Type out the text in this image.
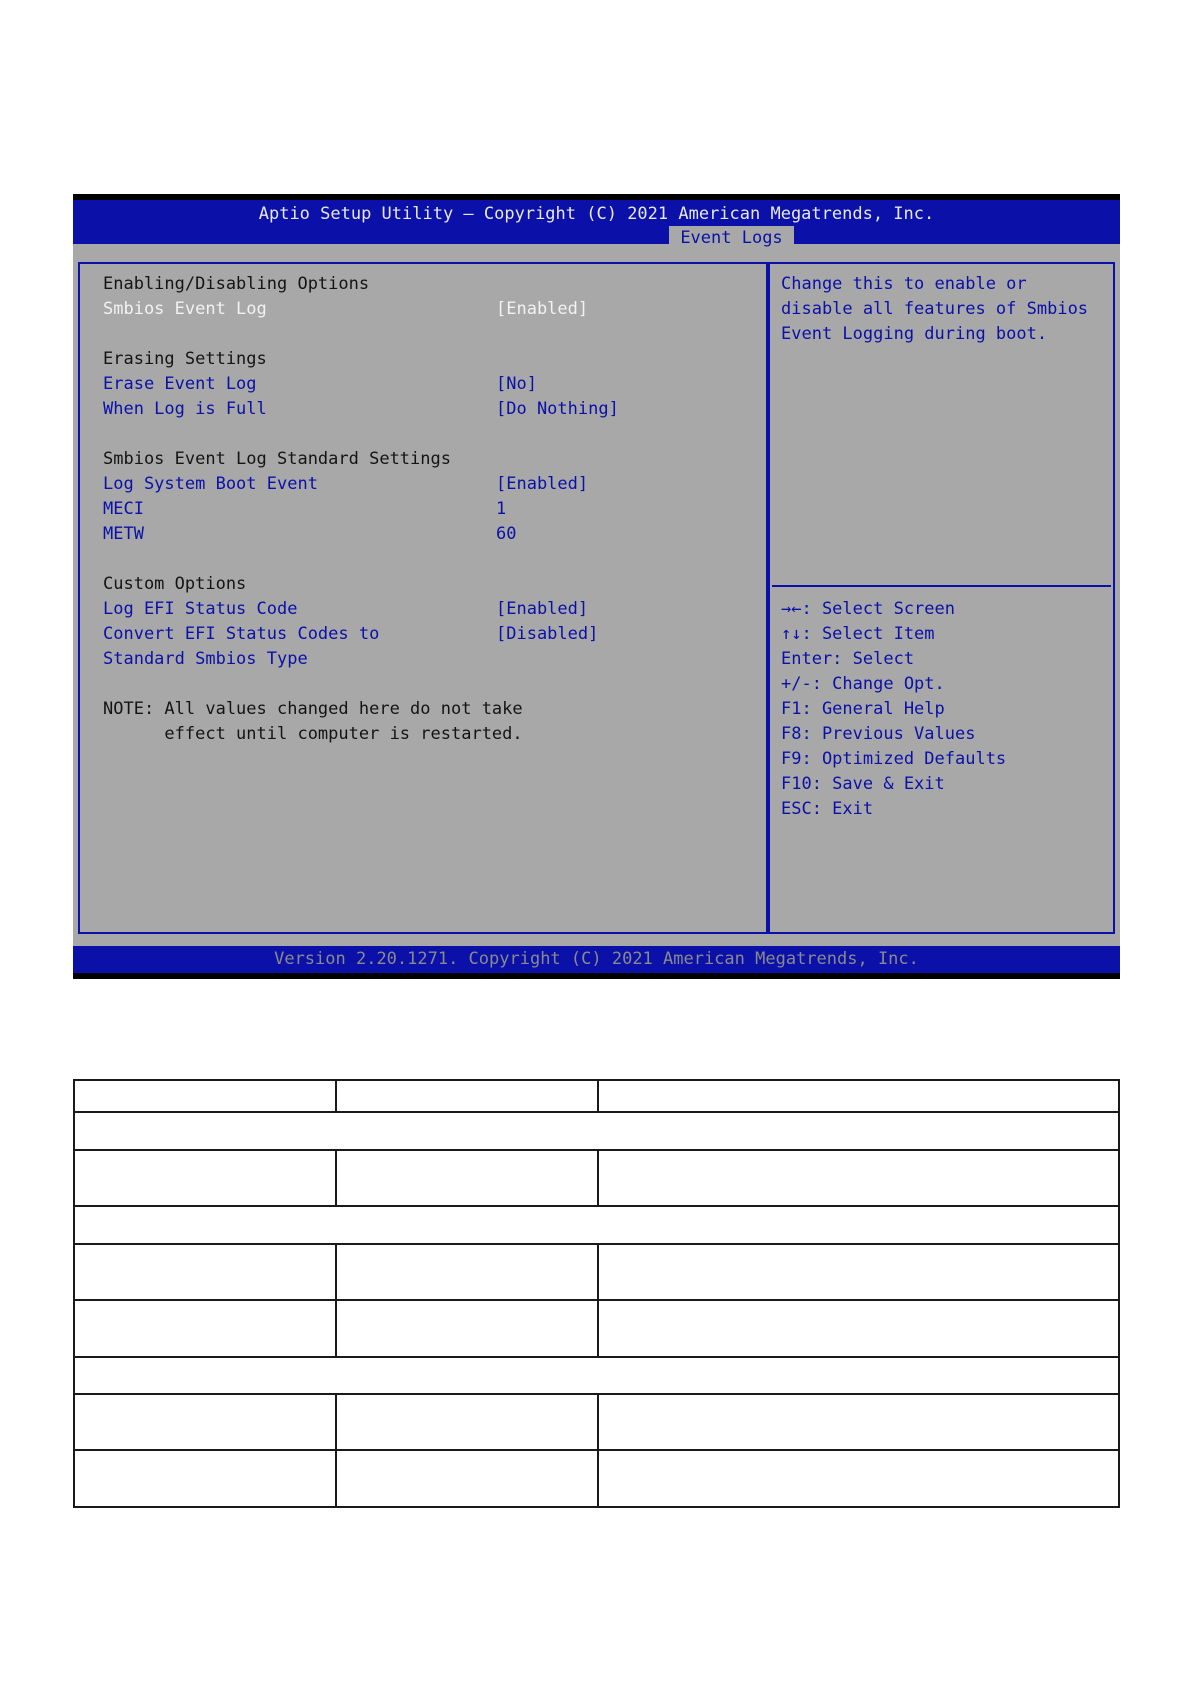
Aptio Setup Utility – Copyright (C) 2021 American Megatrends, Inc.
Event Logs
Enabling/Disabling Options
Smbios Event Log	[Enabled]
Erasing Settings
Erase Event Log	[No]
When Log is Full	[Do Nothing]
Smbios Event Log Standard Settings
Log System Boot Event	[Enabled]
MECI	1
METW	60
Custom Options
Log EFI Status Code	[Enabled]
Convert EFI Status Codes to	[Disabled]
Standard Smbios Type
NOTE: All values changed here do not take
effect until computer is restarted.
Change this to enable or
disable all features of Smbios
Event Logging during boot.
→←: Select Screen
↑↓: Select Item
Enter: Select
+/-: Change Opt.
F1: General Help
F8: Previous Values
F9: Optimized Defaults
F10: Save & Exit
ESC: Exit
Version 2.20.1271. Copyright (C) 2021 American Megatrends, Inc.
